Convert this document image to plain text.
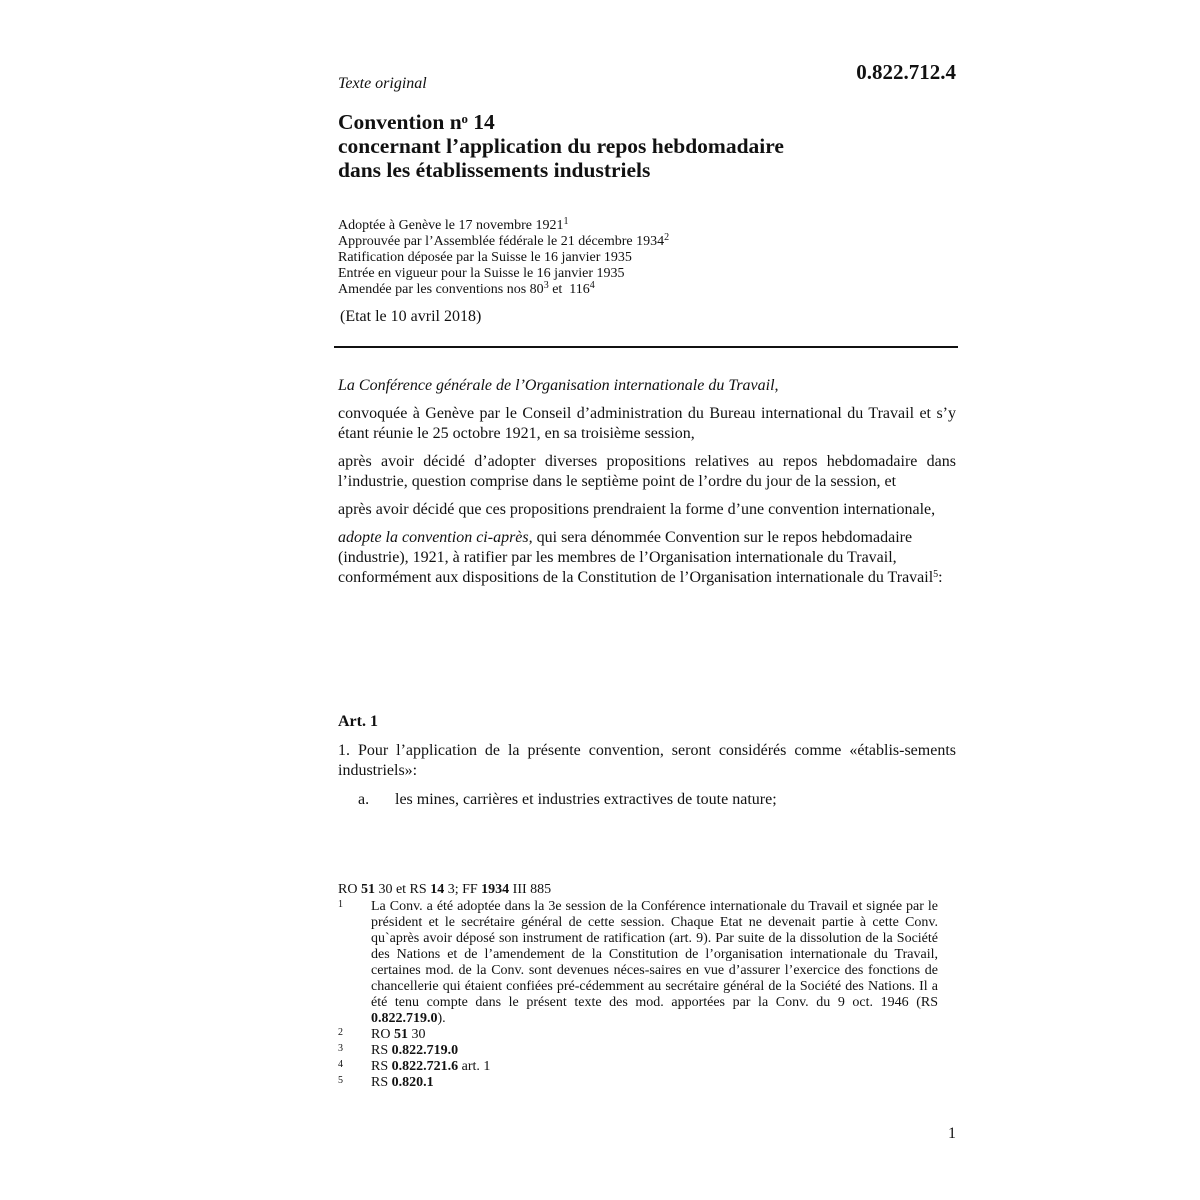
0.822.712.4
Texte original
Convention nᵒ 14
concernant l’application du repos hebdomadaire
dans les établissements industriels
Adoptée à Genève le 17 novembre 1921$^1$
Approuvée par l’Assemblée fédérale le 21 décembre 1934$^2$
Ratification déposée par la Suisse le 16 janvier 1935
Entrée en vigueur pour la Suisse le 16 janvier 1935
Amendée par les conventions nos $80^3$ et  $116^4$
(Etat le 10 avril 2018)

La Conférence générale de l’Organisation internationale du Travail,

convoquée à Genève par le Conseil d’administration du Bureau international du Travail et s’y étant réunie le 25 octobre 1921, en sa troisième session,

après avoir décidé d’adopter diverses propositions relatives au repos hebdomadaire dans l’industrie, question comprise dans le septième point de l’ordre du jour de la session, et

après avoir décidé que ces propositions prendraient la forme d’une convention internationale,

adopte la convention ci-après, qui sera dénommée Convention sur le repos hebdomadaire (industrie), 1921, à ratifier par les membres de l’Organisation internationale du Travail, conformément aux dispositions de la Constitution de l’Organisation internationale du Travail$^5$:

Art. 1

1. Pour l’application de la présente convention, seront considérés comme «établis-sements industriels»:

a. les mines, carrières et industries extractives de toute nature;
RO 51 30 et RS 14 3; FF 1934 III 885
1 La Conv. a été adoptée dans la 3e session de la Conférence internationale du Travail et signée par le président et le secrétaire général de cette session. Chaque Etat ne devenait partie à cette Conv. qu`après avoir déposé son instrument de ratification (art. 9). Par suite de la dissolution de la Société des Nations et de l’amendement de la Constitution de l’organisation internationale du Travail, certaines mod. de la Conv. sont devenues néces-saires en vue d’assurer l’exercice des fonctions de chancellerie qui étaient confiées pré-cédemment au secrétaire général de la Société des Nations. Il a été tenu compte dans le présent texte des mod. apportées par la Conv. du 9 oct. 1946 (RS 0.822.719.0).
2 RO 51 30
3 RS 0.822.719.0
4 RS 0.822.721.6 art. 1
5 RS 0.820.1
1
